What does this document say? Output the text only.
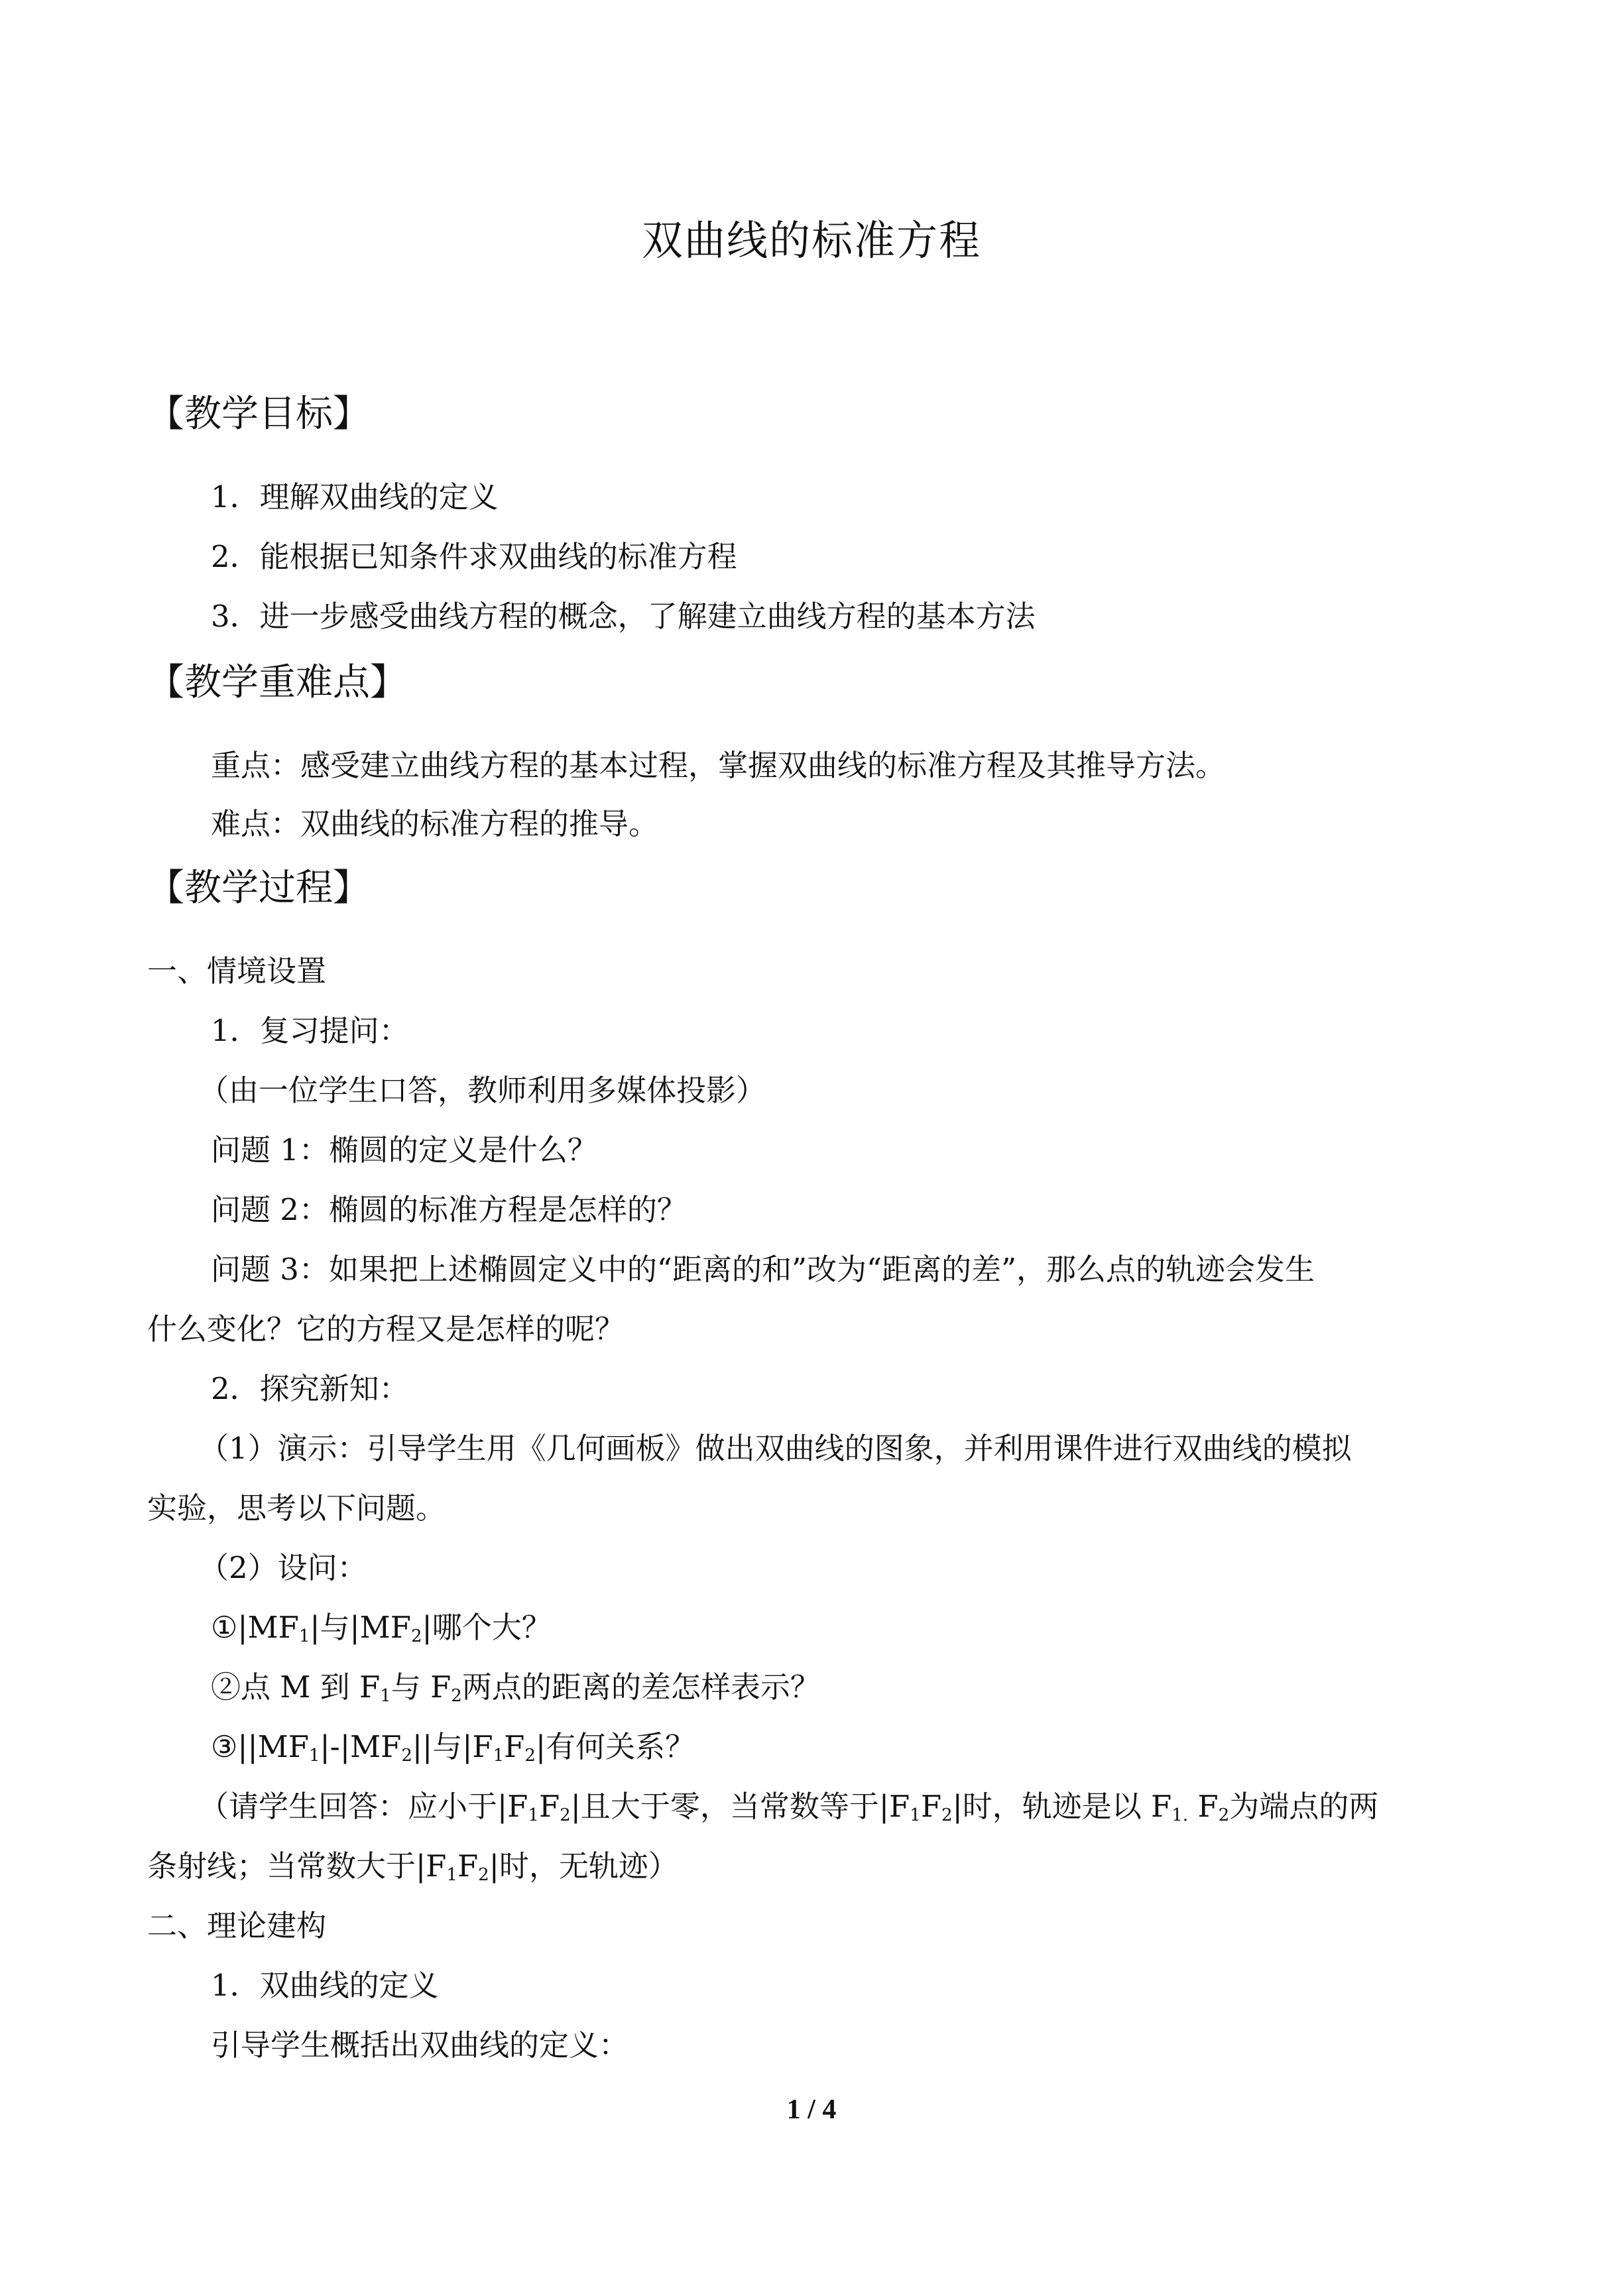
双曲线的标准方程
【教学目标】
1．理解双曲线的定义
2．能根据已知条件求双曲线的标准方程
3．进一步感受曲线方程的概念，了解建立曲线方程的基本方法
【教学重难点】
重点：感受建立曲线方程的基本过程，掌握双曲线的标准方程及其推导方法。
难点：双曲线的标准方程的推导。
【教学过程】
一、情境设置
1．复习提问：
（由一位学生口答，教师利用多媒体投影）
问题 1：椭圆的定义是什么？
问题 2：椭圆的标准方程是怎样的？
问题 3：如果把上述椭圆定义中的“距离的和”改为“距离的差”，那么点的轨迹会发生
什么变化？它的方程又是怎样的呢？
2．探究新知：
（1）演示：引导学生用《几何画板》做出双曲线的图象，并利用课件进行双曲线的模拟
实验，思考以下问题。
（2）设问：
$①|MF_1|$与$|MF_2|$哪个大？
②点 M 到 $F_1$与 $F_2$两点的距离的差怎样表示？
$③||MF_1|-|MF_2||$与$|F_1F_2|$有何关系？
（请学生回答：应小于$|F_1F_2|$且大于零，当常数等于$|F_1F_2|$时，轨迹是以 $F_{1.}$ $F_2$为端点的两
条射线；当常数大于$|F_1F_2|$时，无轨迹）
二、理论建构
1．双曲线的定义
引导学生概括出双曲线的定义：
1 / 4
